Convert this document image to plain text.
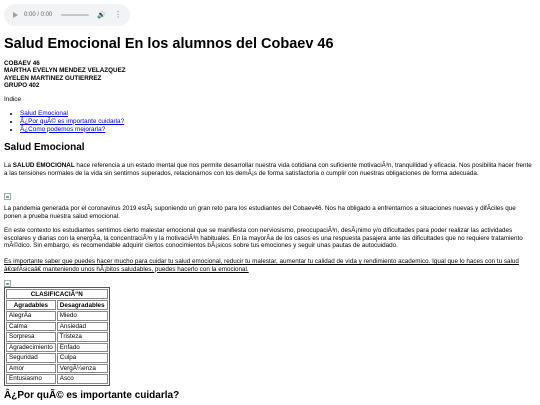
0:00 / 0:00	🔊 ⋮
Salud Emocional En los alumnos del Cobaev 46
COBAEV 46
MARTHA EVELYN MENDEZ VELAZQUEZ
AYELEN MARTINEZ GUTIERREZ
GRUPO 402
Indice
• Salud Emocional
• Â¿Por quÃ© es importante cuidarla?
• Â¿Como podemos mejorarla?
Salud Emocional

La SALUD EMOCIONAL hace referencia a un estado mental que nos permite desarrollar nuestra vida cotidiana con suficiente motivaciÃ³n, tranquilidad y eficacia. Nos posibilita hacer frente a las tensiones normales de la vida sin sentirnos superados, relacionarnos con los demÃ¡s de forma satisfactoria o cumplir con nuestras obligaciones de forma adecuada.

La pandemia generada por el coronavirus 2019 estÃ¡ suponiendo un gran reto para los estudiantes del Cobaev46. Nos ha obligado a enfrentarnos a situaciones nuevas y difÃciles que ponen a prueba nuestra salud emocional.

En este contexto los estudiantes sentimos cierto malestar emocional que se manifiesta con nerviosismo, preocupaciÃ³n, desÃ¡nimo y/o dificultades para poder realizar las actividades escolares y diarias con la energÃa, la concentraciÃ³n y la motivaciÃ³n habituales. En la mayorÃa de los casos es una respuesta pasajera ante las dificultades que no requiere tratamiento mÃ©dico. Sin embargo, es recomendable adquirir ciertos conocimientos bÃ¡sicos sobre tus emociones y seguir unas pautas de autocuidado.

Es importante saber que puedes hacer mucho para cuidar tu salud emocional, reducir tu malestar, aumentar tu calidad de vida y rendimiento academico. Igual que lo haces con tu salud â€œfÃsicaâ€ manteniendo unos hÃ¡bitos saludables, puedes hacerlo con la emocional.

CLASIFICACIÃ“N	
Agradables	Desagradables
AlegrÃa	Miedo
Calma	Ansiedad
Sorpresa	Tristeza
Agradecimiento	Enfado
Seguridad	Culpa
Amor	VergÃ¼enza
Entusiasmo	Asco
Â¿Por quÃ© es importante cuidarla?
